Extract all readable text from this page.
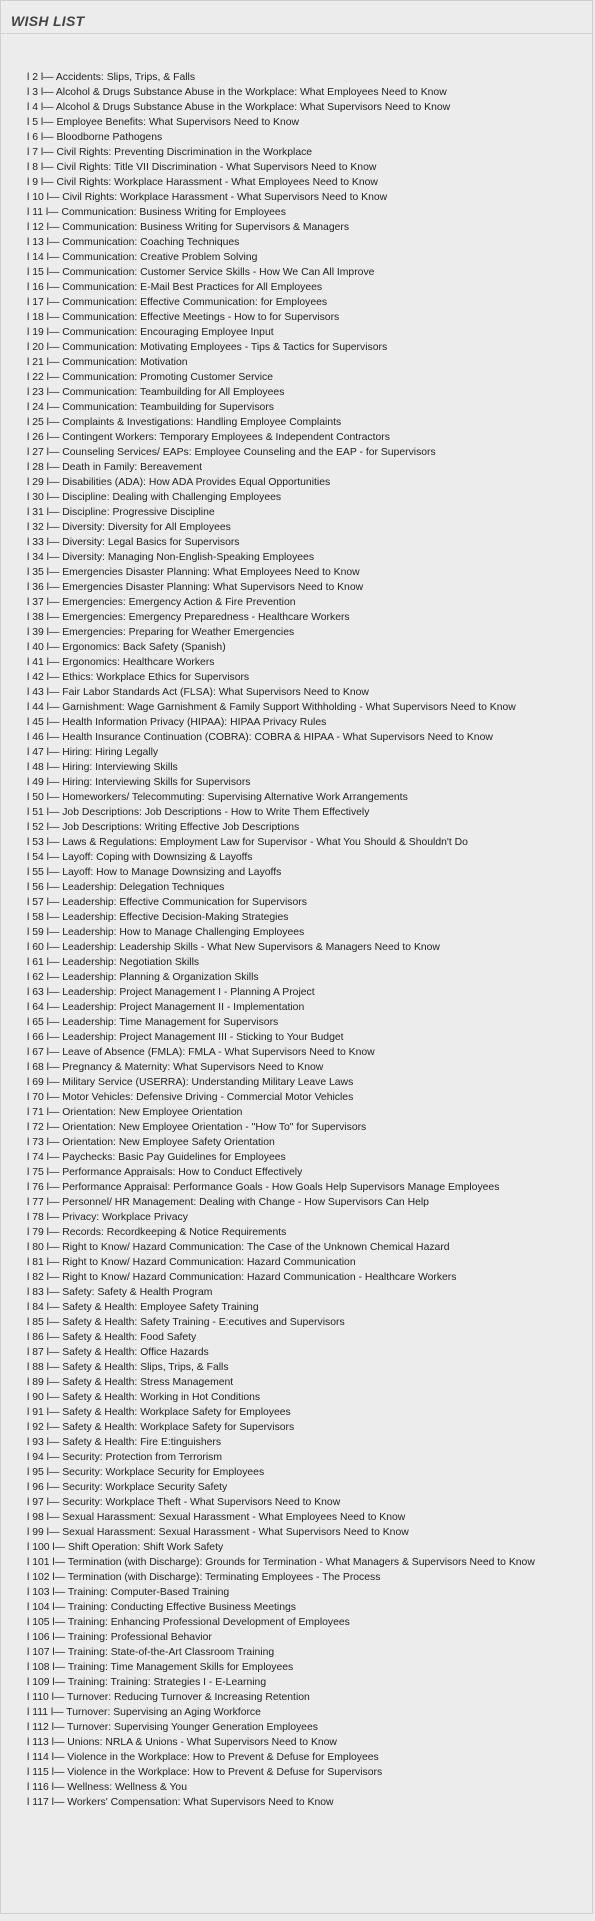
WISH LIST
l 2 l— Accidents: Slips, Trips, & Falls
l 3 l— Alcohol & Drugs Substance Abuse in the Workplace: What Employees Need to Know
l 4 l— Alcohol & Drugs Substance Abuse in the Workplace: What Supervisors Need to Know
l 5 l— Employee Benefits: What Supervisors Need to Know
l 6 l— Bloodborne Pathogens
l 7 l— Civil Rights: Preventing Discrimination in the Workplace
l 8 l— Civil Rights: Title VII Discrimination - What Supervisors Need to Know
l 9 l— Civil Rights: Workplace Harassment - What Employees Need to Know
l 10 l— Civil Rights: Workplace Harassment - What Supervisors Need to Know
l 11 l— Communication: Business Writing for Employees
l 12 l— Communication: Business Writing for Supervisors & Managers
l 13 l— Communication: Coaching Techniques
l 14 l— Communication: Creative Problem Solving
l 15 l— Communication: Customer Service Skills - How We Can All Improve
l 16 l— Communication: E-Mail Best Practices for All Employees
l 17 l— Communication: Effective Communication: for Employees
l 18 l— Communication: Effective Meetings - How to for Supervisors
l 19 l— Communication: Encouraging Employee Input
l 20 l— Communication: Motivating Employees - Tips & Tactics for Supervisors
l 21 l— Communication: Motivation
l 22 l— Communication: Promoting Customer Service
l 23 l— Communication: Teambuilding for All Employees
l 24 l— Communication: Teambuilding for Supervisors
l 25 l— Complaints & Investigations: Handling Employee Complaints
l 26 l— Contingent Workers: Temporary Employees & Independent Contractors
l 27 l— Counseling Services/ EAPs: Employee Counseling and the EAP - for Supervisors
l 28 l— Death in Family: Bereavement
l 29 l— Disabilities (ADA): How ADA Provides Equal Opportunities
l 30 l— Discipline: Dealing with Challenging Employees
l 31 l— Discipline: Progressive Discipline
l 32 l— Diversity: Diversity for All Employees
l 33 l— Diversity: Legal Basics for Supervisors
l 34 l— Diversity: Managing Non-English-Speaking Employees
l 35 l— Emergencies Disaster Planning: What Employees Need to Know
l 36 l— Emergencies Disaster Planning: What Supervisors Need to Know
l 37 l— Emergencies: Emergency Action & Fire Prevention
l 38 l— Emergencies: Emergency Preparedness - Healthcare Workers
l 39 l— Emergencies: Preparing for Weather Emergencies
l 40 l— Ergonomics: Back Safety (Spanish)
l 41 l— Ergonomics: Healthcare Workers
l 42 l— Ethics: Workplace Ethics for Supervisors
l 43 l— Fair Labor Standards Act (FLSA): What Supervisors Need to Know
l 44 l— Garnishment: Wage Garnishment & Family Support Withholding - What Supervisors Need to Know
l 45 l— Health Information Privacy (HIPAA): HIPAA Privacy Rules
l 46 l— Health Insurance Continuation (COBRA): COBRA & HIPAA - What Supervisors Need to Know
l 47 l— Hiring: Hiring Legally
l 48 l— Hiring: Interviewing Skills
l 49 l— Hiring: Interviewing Skills for Supervisors
l 50 l— Homeworkers/ Telecommuting: Supervising Alternative Work Arrangements
l 51 l— Job Descriptions: Job Descriptions - How to Write Them Effectively
l 52 l— Job Descriptions: Writing Effective Job Descriptions
l 53 l— Laws & Regulations: Employment Law for Supervisor - What You Should & Shouldn't Do
l 54 l— Layoff: Coping with Downsizing & Layoffs
l 55 l— Layoff: How to Manage Downsizing and Layoffs
l 56 l— Leadership: Delegation Techniques
l 57 l— Leadership: Effective Communication for Supervisors
l 58 l— Leadership: Effective Decision-Making Strategies
l 59 l— Leadership: How to Manage Challenging Employees
l 60 l— Leadership: Leadership Skills - What New Supervisors & Managers Need to Know
l 61 l— Leadership: Negotiation Skills
l 62 l— Leadership: Planning & Organization Skills
l 63 l— Leadership: Project Management I - Planning A Project
l 64 l— Leadership: Project Management II - Implementation
l 65 l— Leadership: Time Management for Supervisors
l 66 l— Leadership: Project Management III - Sticking to Your Budget
l 67 l— Leave of Absence (FMLA): FMLA - What Supervisors Need to Know
l 68 l— Pregnancy & Maternity: What Supervisors Need to Know
l 69 l— Military Service (USERRA): Understanding Military Leave Laws
l 70 l— Motor Vehicles: Defensive Driving - Commercial Motor Vehicles
l 71 l— Orientation: New Employee Orientation
l 72 l— Orientation: New Employee Orientation - "How To" for Supervisors
l 73 l— Orientation: New Employee Safety Orientation
l 74 l— Paychecks: Basic Pay Guidelines for Employees
l 75 l— Performance Appraisals: How to Conduct Effectively
l 76 l— Performance Appraisal: Performance Goals - How Goals Help Supervisors Manage Employees
l 77 l— Personnel/ HR Management: Dealing with Change - How Supervisors Can Help
l 78 l— Privacy: Workplace Privacy
l 79 l— Records: Recordkeeping & Notice Requirements
l 80 l— Right to Know/ Hazard Communication: The Case of the Unknown Chemical Hazard
l 81 l— Right to Know/ Hazard Communication: Hazard Communication
l 82 l— Right to Know/ Hazard Communication: Hazard Communication - Healthcare Workers
l 83 l— Safety: Safety & Health Program
l 84 l— Safety & Health: Employee Safety Training
l 85 l— Safety & Health: Safety Training - E:ecutives and Supervisors
l 86 l— Safety & Health: Food Safety
l 87 l— Safety & Health: Office Hazards
l 88 l— Safety & Health: Slips, Trips, & Falls
l 89 l— Safety & Health: Stress Management
l 90 l— Safety & Health: Working in Hot Conditions
l 91 l— Safety & Health: Workplace Safety for Employees
l 92 l— Safety & Health: Workplace Safety for Supervisors
l 93 l— Safety & Health: Fire E:tinguishers
l 94 l— Security: Protection from Terrorism
l 95 l— Security: Workplace Security for Employees
l 96 l— Security: Workplace Security Safety
l 97 l— Security: Workplace Theft - What Supervisors Need to Know
l 98 l— Sexual Harassment: Sexual Harassment - What Employees Need to Know
l 99 l— Sexual Harassment: Sexual Harassment - What Supervisors Need to Know
l 100 l— Shift Operation: Shift Work Safety
l 101 l— Termination (with Discharge): Grounds for Termination - What Managers & Supervisors Need to Know
l 102 l— Termination (with Discharge): Terminating Employees - The Process
l 103 l— Training: Computer-Based Training
l 104 l— Training: Conducting Effective Business Meetings
l 105 l— Training: Enhancing Professional Development of Employees
l 106 l— Training: Professional Behavior
l 107 l— Training: State-of-the-Art Classroom Training
l 108 l— Training: Time Management Skills for Employees
l 109 l— Training: Training: Strategies I - E-Learning
l 110 l— Turnover: Reducing Turnover & Increasing Retention
l 111 l— Turnover: Supervising an Aging Workforce
l 112 l— Turnover: Supervising Younger Generation Employees
l 113 l— Unions: NRLA & Unions - What Supervisors Need to Know
l 114 l— Violence in the Workplace: How to Prevent & Defuse for Employees
l 115 l— Violence in the Workplace: How to Prevent & Defuse for Supervisors
l 116 l— Wellness: Wellness & You
l 117 l— Workers' Compensation: What Supervisors Need to Know
